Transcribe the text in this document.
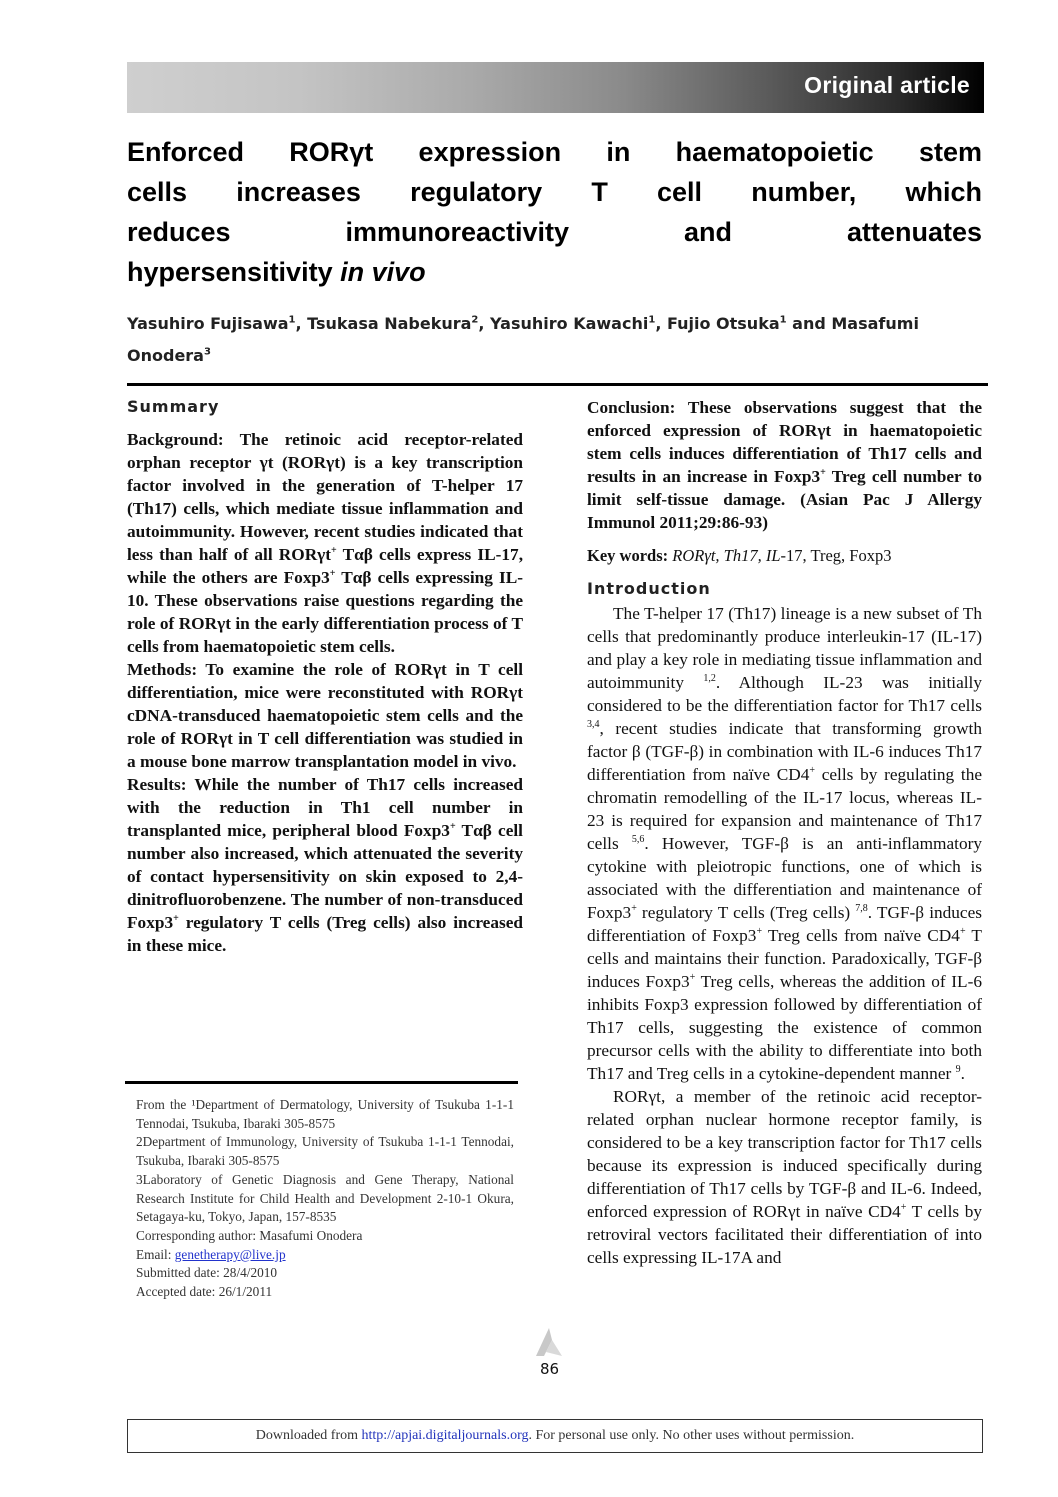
Original article
Enforced RORγt expression in haematopoietic stem
cells increases regulatory T cell number, which
reduces immunoreactivity and attenuates
hypersensitivity in vivo
Yasuhiro Fujisawa$^1$, Tsukasa Nabekura$^2$, Yasuhiro Kawachi$^1$, Fujio Otsuka$^1$ and Masafumi Onodera$^3$
Summary

Background: The retinoic acid receptor-related orphan receptor γt (RORγt) is a key transcription factor involved in the generation of T-helper 17 (Th17) cells, which mediate tissue inflammation and autoimmunity. However, recent studies indicated that less than half of all RORγt+ Tαβ cells express IL-17, while the others are Foxp3+ Tαβ cells expressing IL-10. These observations raise questions regarding the role of RORγt in the early differentiation process of T cells from haematopoietic stem cells.

Methods: To examine the role of RORγt in T cell differentiation, mice were reconstituted with RORγt cDNA-transduced haematopoietic stem cells and the role of RORγt in T cell differentiation was studied in a mouse bone marrow transplantation model in vivo.

Results: While the number of Th17 cells increased with the reduction in Th1 cell number in transplanted mice, peripheral blood Foxp3+ Tαβ cell number also increased, which attenuated the severity of contact hypersensitivity on skin exposed to 2,4-dinitrofluorobenzene. The number of non-transduced Foxp3+ regulatory T cells (Treg cells) also increased in these mice.

From the ¹Department of Dermatology, University of Tsukuba 1-1-1 Tennodai, Tsukuba, Ibaraki 305-8575
2Department of Immunology, University of Tsukuba 1-1-1 Tennodai, Tsukuba, Ibaraki 305-8575
3Laboratory of Genetic Diagnosis and Gene Therapy, National Research Institute for Child Health and Development 2-10-1 Okura, Setagaya-ku, Tokyo, Japan, 157-8535
Corresponding author: Masafumi Onodera
Email: genetherapy@live.jp
Submitted date: 28/4/2010
Accepted date: 26/1/2011

Conclusion: These observations suggest that the enforced expression of RORγt in haematopoietic stem cells induces differentiation of Th17 cells and results in an increase in Foxp3+ Treg cell number to limit self-tissue damage. (Asian Pac J Allergy Immunol 2011;29:86-93)

Key words: RORγt, Th17, IL-17, Treg, Foxp3

Introduction

The T-helper 17 (Th17) lineage is a new subset of Th cells that predominantly produce interleukin-17 (IL-17) and play a key role in mediating tissue inflammation and autoimmunity $^{1,2}$. Although IL-23 was initially considered to be the differentiation factor for Th17 cells $^{3,4}$, recent studies indicate that transforming growth factor β (TGF-β) in combination with IL-6 induces Th17 differentiation from naïve CD4+ cells by regulating the chromatin remodelling of the IL-17 locus, whereas IL-23 is required for expansion and maintenance of Th17 cells $^{5,6}$. However, TGF-β is an anti-inflammatory cytokine with pleiotropic functions, one of which is associated with the differentiation and maintenance of Foxp3+ regulatory T cells (Treg cells) $^{7,8}$. TGF-β induces differentiation of Foxp3+ Treg cells from naïve CD4+ T cells and maintains their function. Paradoxically, TGF-β induces Foxp3+ Treg cells, whereas the addition of IL-6 inhibits Foxp3 expression followed by differentiation of Th17 cells, suggesting the existence of common precursor cells with the ability to differentiate into both Th17 and Treg cells in a cytokine-dependent manner $^9$.

RORγt, a member of the retinoic acid receptor-related orphan nuclear hormone receptor family, is considered to be a key transcription factor for Th17 cells because its expression is induced specifically during differentiation of Th17 cells by TGF-β and IL-6. Indeed, enforced expression of RORγt in naïve CD4+ T cells by retroviral vectors facilitated their differentiation of into cells expressing IL-17A and

86
Downloaded from
http://apjai.digitaljournals.org . For personal use only. No other uses without permission.
